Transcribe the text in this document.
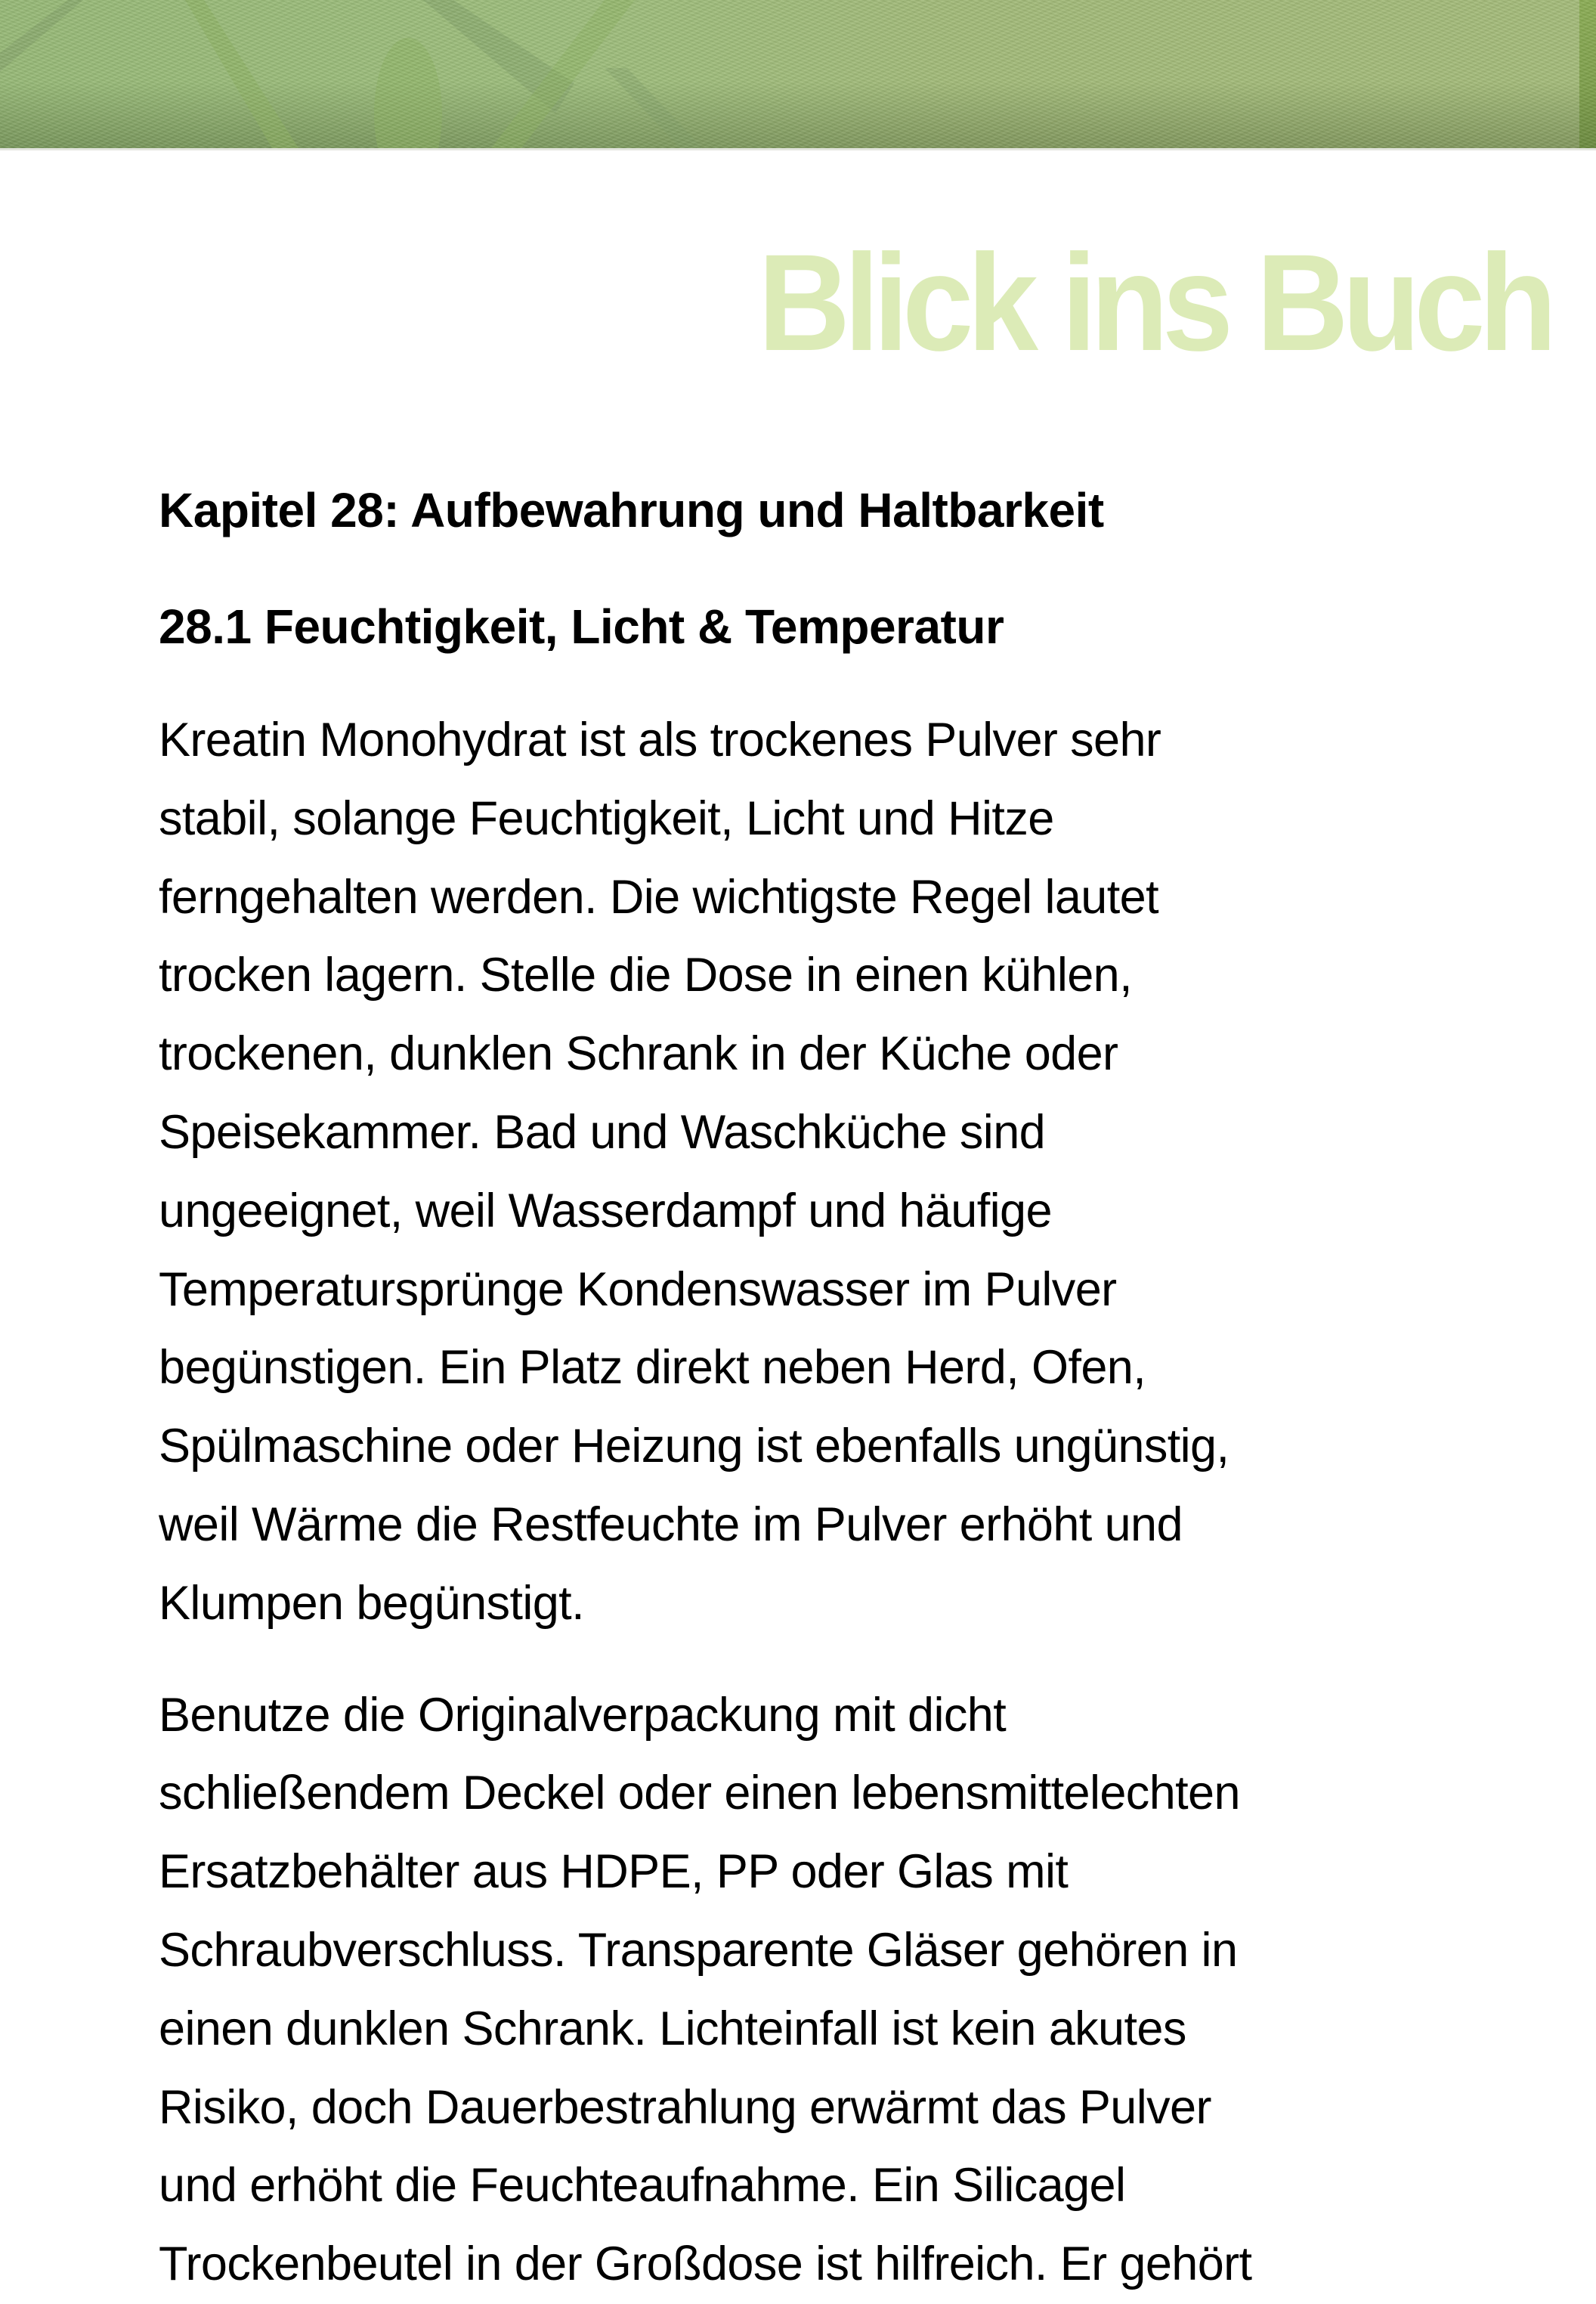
Blick ins Buch
Kapitel 28: Aufbewahrung und Haltbarkeit
28.1 Feuchtigkeit, Licht & Temperatur

Kreatin Monohydrat ist als trockenes Pulver sehr
stabil, solange Feuchtigkeit, Licht und Hitze
ferngehalten werden. Die wichtigste Regel lautet
trocken lagern. Stelle die Dose in einen kühlen,
trockenen, dunklen Schrank in der Küche oder
Speisekammer. Bad und Waschküche sind
ungeeignet, weil Wasserdampf und häufige
Temperatursprünge Kondenswasser im Pulver
begünstigen. Ein Platz direkt neben Herd, Ofen,
Spülmaschine oder Heizung ist ebenfalls ungünstig,
weil Wärme die Restfeuchte im Pulver erhöht und
Klumpen begünstigt.

Benutze die Originalverpackung mit dicht
schließendem Deckel oder einen lebensmittelechten
Ersatzbehälter aus HDPE, PP oder Glas mit
Schraubverschluss. Transparente Gläser gehören in
einen dunklen Schrank. Lichteinfall ist kein akutes
Risiko, doch Dauerbestrahlung erwärmt das Pulver
und erhöht die Feuchteaufnahme. Ein Silicagel
Trockenbeutel in der Großdose ist hilfreich. Er gehört
